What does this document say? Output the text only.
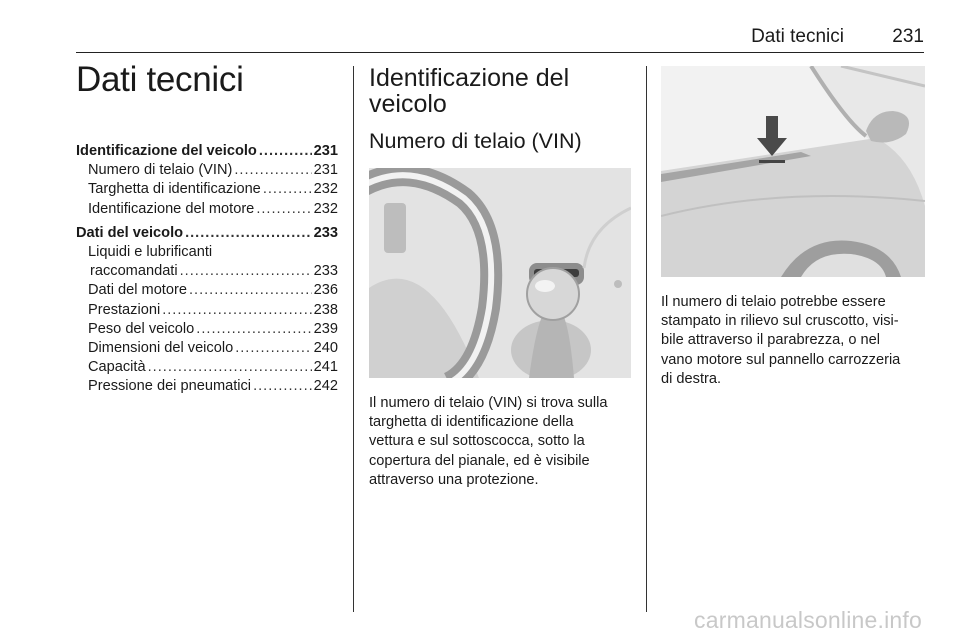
Dati tecnici	231
Dati tecnici
Identificazione del veicolo .....	231
Numero di telaio (VIN) .....	231
Targhetta di identificazione .....	232
Identificazione del motore .....	232
Dati del veicolo .....	233
Liquidi e lubrificanti
raccomandati .....	233
Dati del motore .....	236
Prestazioni .....	238
Peso del veicolo .....	239
Dimensioni del veicolo .....	240
Capacità .....	241
Pressione dei pneumatici .....	242
Identificazione del
veicolo
Numero di telaio (VIN)

Il numero di telaio (VIN) si trova sulla
targhetta di identificazione della
vettura e sul sottoscocca, sotto la
copertura del pianale, ed è visibile
attraverso una protezione.

Il numero di telaio potrebbe essere
stampato in rilievo sul cruscotto, visi-
bile attraverso il parabrezza, o nel
vano motore sul pannello carrozzeria
di destra.

carmanualsonline.info
